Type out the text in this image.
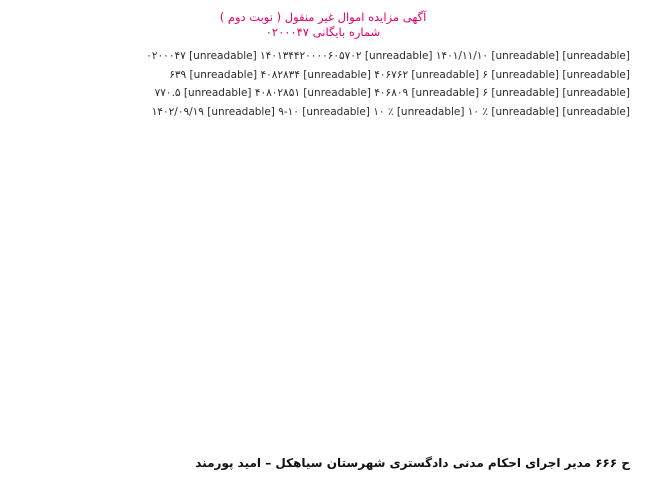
آگهی مزایده اموال غیر منقول ( نوبت دوم )
شماره بایگانی ۰۲۰۰۰۴۷

[unreadable] ۰۲۰۰۰۴۷ [unreadable] ۱۴۰۱۳۴۴۲۰۰۰۰۶۰۵۷۰۲ [unreadable] ۱۴۰۱/۱۱/۱۰ [unreadable]

[unreadable] ۶۳۹ [unreadable] ۴۰۸۲۸۳۴ [unreadable] ۴۰۶۷۶۲ [unreadable] ۶ [unreadable]

[unreadable] ۷۷۰.۵ [unreadable] ۴۰۸۰۲۸۵۱ [unreadable] ۴۰۶۸۰۹ [unreadable] ۶ [unreadable]

[unreadable] ۱۴۰۲/۰۹/۱۹ [unreadable] ۹-۱۰ [unreadable] ۱۰ ٪ [unreadable] ۱۰ ٪ [unreadable]

ح ۶۶۶ مدیر اجرای احکام مدنی دادگستری شهرستان سیاهکل – امید پورمند
